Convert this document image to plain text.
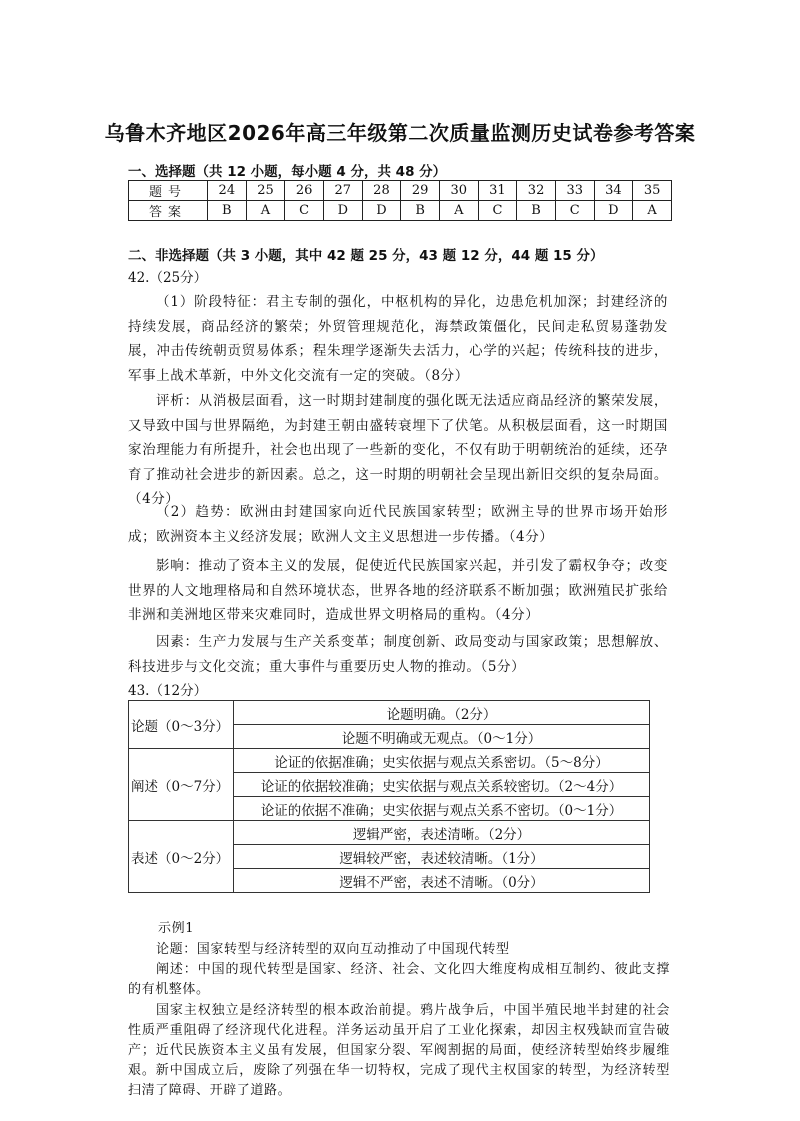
乌鲁木齐地区2026年高三年级第二次质量监测历史试卷参考答案
一、选择题（共 12 小题，每小题 4 分，共 48 分）
题号	24	25	26	27	28	29	30	31	32	33	34	35
答案	B	A	C	D	D	B	A	C	B	C	D	A
二、非选择题（共 3 小题，其中 42 题 25 分，43 题 12 分，44 题 15 分）
42.（25分）
（1）阶段特征：君主专制的强化，中枢机构的异化，边患危机加深；封建经济的持续发展，商品经济的繁荣；外贸管理规范化，海禁政策僵化，民间走私贸易蓬勃发展，冲击传统朝贡贸易体系；程朱理学逐渐失去活力，心学的兴起；传统科技的进步，军事上战术革新，中外文化交流有一定的突破。（8分）
评析：从消极层面看，这一时期封建制度的强化既无法适应商品经济的繁荣发展，又导致中国与世界隔绝，为封建王朝由盛转衰埋下了伏笔。从积极层面看，这一时期国家治理能力有所提升，社会也出现了一些新的变化，不仅有助于明朝统治的延续，还孕育了推动社会进步的新因素。总之，这一时期的明朝社会呈现出新旧交织的复杂局面。（4分）
（2）趋势：欧洲由封建国家向近代民族国家转型；欧洲主导的世界市场开始形成；欧洲资本主义经济发展；欧洲人文主义思想进一步传播。（4分）
影响：推动了资本主义的发展，促使近代民族国家兴起，并引发了霸权争夺；改变世界的人文地理格局和自然环境状态，世界各地的经济联系不断加强；欧洲殖民扩张给非洲和美洲地区带来灾难同时，造成世界文明格局的重构。（4分）
因素：生产力发展与生产关系变革；制度创新、政局变动与国家政策；思想解放、科技进步与文化交流；重大事件与重要历史人物的推动。（5分）
43.（12分）
论题（0～3分）	论题明确。（2分）
	论题不明确或无观点。（0～1分）
阐述（0～7分）	论证的依据准确；史实依据与观点关系密切。（5～8分）
	论证的依据较准确；史实依据与观点关系较密切。（2～4分）
	论证的依据不准确；史实依据与观点关系不密切。（0～1分）
表述（0～2分）	逻辑严密，表述清晰。（2分）
	逻辑较严密，表述较清晰。（1分）
	逻辑不严密，表述不清晰。（0分）
示例1
论题：国家转型与经济转型的双向互动推动了中国现代转型
阐述：中国的现代转型是国家、经济、社会、文化四大维度构成相互制约、彼此支撑的有机整体。
国家主权独立是经济转型的根本政治前提。鸦片战争后，中国半殖民地半封建的社会性质严重阻碍了经济现代化进程。洋务运动虽开启了工业化探索，却因主权残缺而宣告破产；近代民族资本主义虽有发展，但国家分裂、军阀割据的局面，使经济转型始终步履维艰。新中国成立后，废除了列强在华一切特权，完成了现代主权国家的转型，为经济转型扫清了障碍、开辟了道路。
